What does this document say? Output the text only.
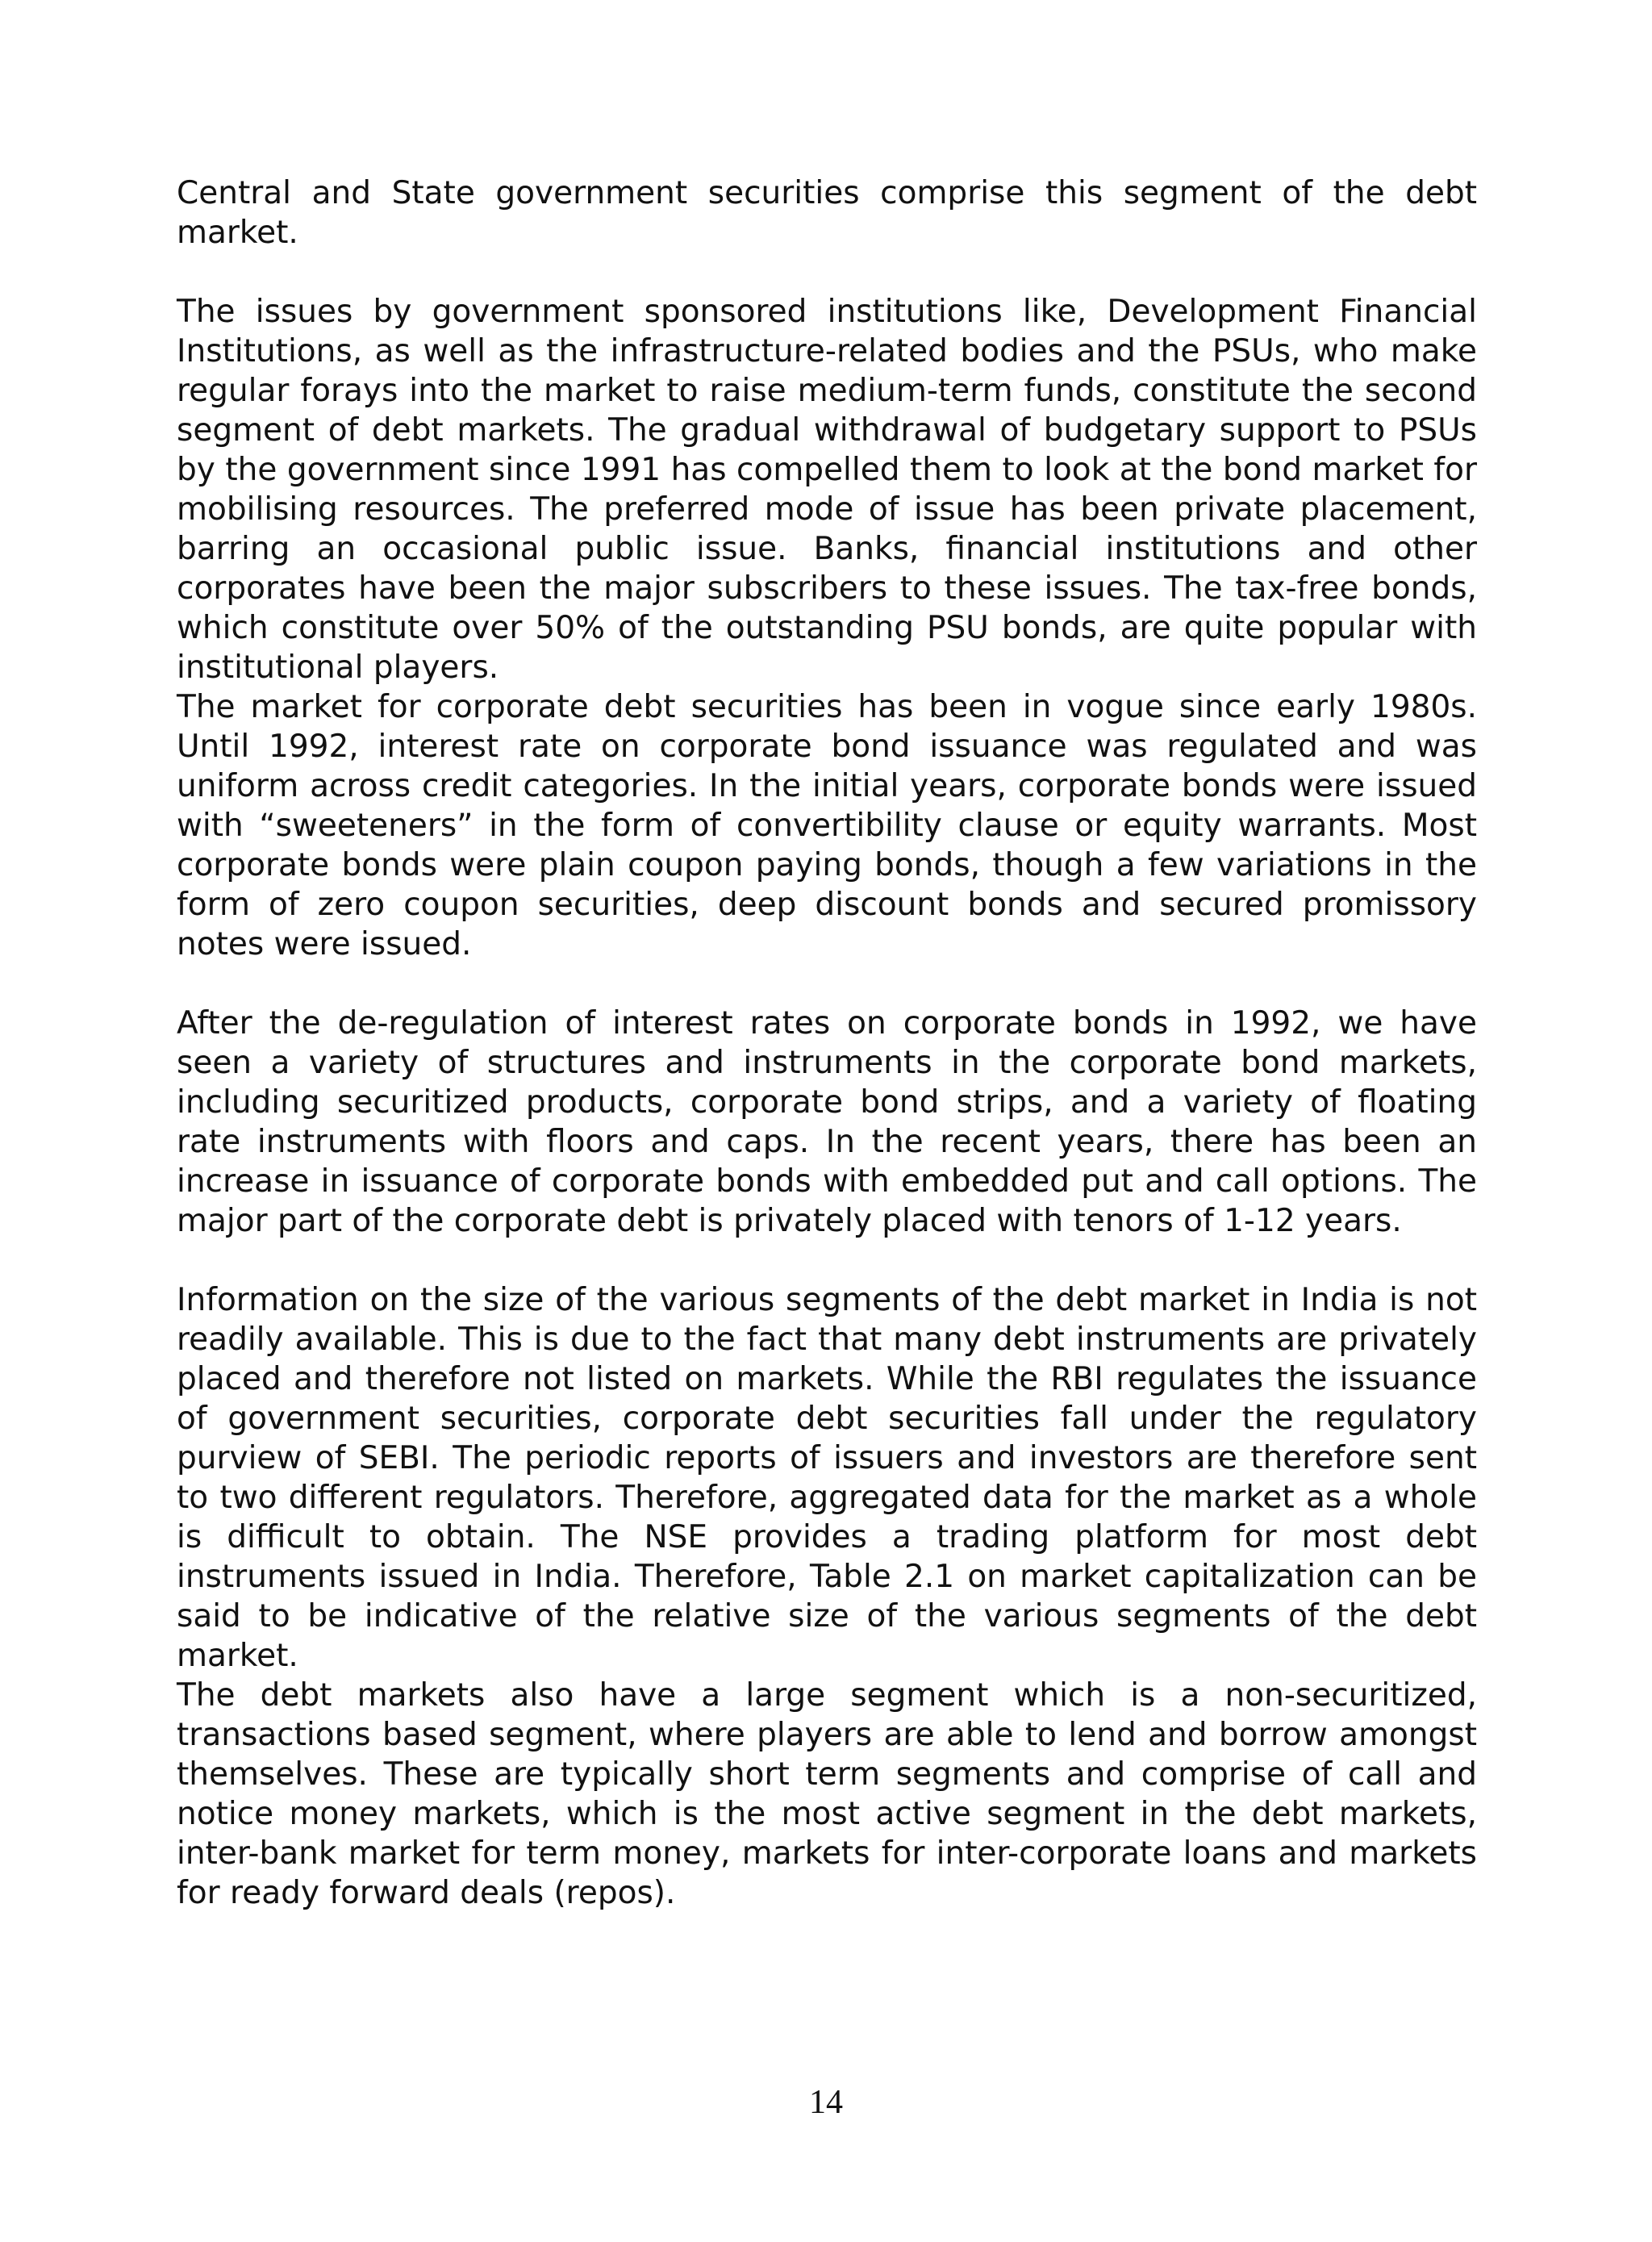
Central and State government securities comprise this segment of the debt market.

The issues by government sponsored institutions like, Development Financial Institutions, as well as the infrastructure-related bodies and the PSUs, who make regular forays into the market to raise medium-term funds, constitute the second segment of debt markets. The gradual withdrawal of budgetary support to PSUs by the government since 1991 has compelled them to look at the bond market for mobilising resources. The preferred mode of issue has been private placement, barring an occasional public issue. Banks, financial institutions and other corporates have been the major subscribers to these issues. The tax-free bonds, which constitute over 50% of the outstanding PSU bonds, are quite popular with institutional players.

The market for corporate debt securities has been in vogue since early 1980s. Until 1992, interest rate on corporate bond issuance was regulated and was uniform across credit categories. In the initial years, corporate bonds were issued with “sweeteners” in the form of convertibility clause or equity warrants. Most corporate bonds were plain coupon paying bonds, though a few variations in the form of zero coupon securities, deep discount bonds and secured promissory notes were issued.

After the de-regulation of interest rates on corporate bonds in 1992, we have seen a variety of structures and instruments in the corporate bond markets, including securitized products, corporate bond strips, and a variety of floating rate instruments with floors and caps. In the recent years, there has been an increase in issuance of corporate bonds with embedded put and call options. The major part of the corporate debt is privately placed with tenors of 1-12 years.

Information on the size of the various segments of the debt market in India is not readily available. This is due to the fact that many debt instruments are privately placed and therefore not listed on markets. While the RBI regulates the issuance of government securities, corporate debt securities fall under the regulatory purview of SEBI. The periodic reports of issuers and investors are therefore sent to two different regulators. Therefore, aggregated data for the market as a whole is difficult to obtain. The NSE provides a trading platform for most debt instruments issued in India. Therefore, Table 2.1 on market capitalization can be said to be indicative of the relative size of the various segments of the debt market.

The debt markets also have a large segment which is a non-securitized, transactions based segment, where players are able to lend and borrow amongst themselves. These are typically short term segments and comprise of call and notice money markets, which is the most active segment in the debt markets, inter-bank market for term money, markets for inter-corporate loans and markets for ready forward deals (repos).

14
